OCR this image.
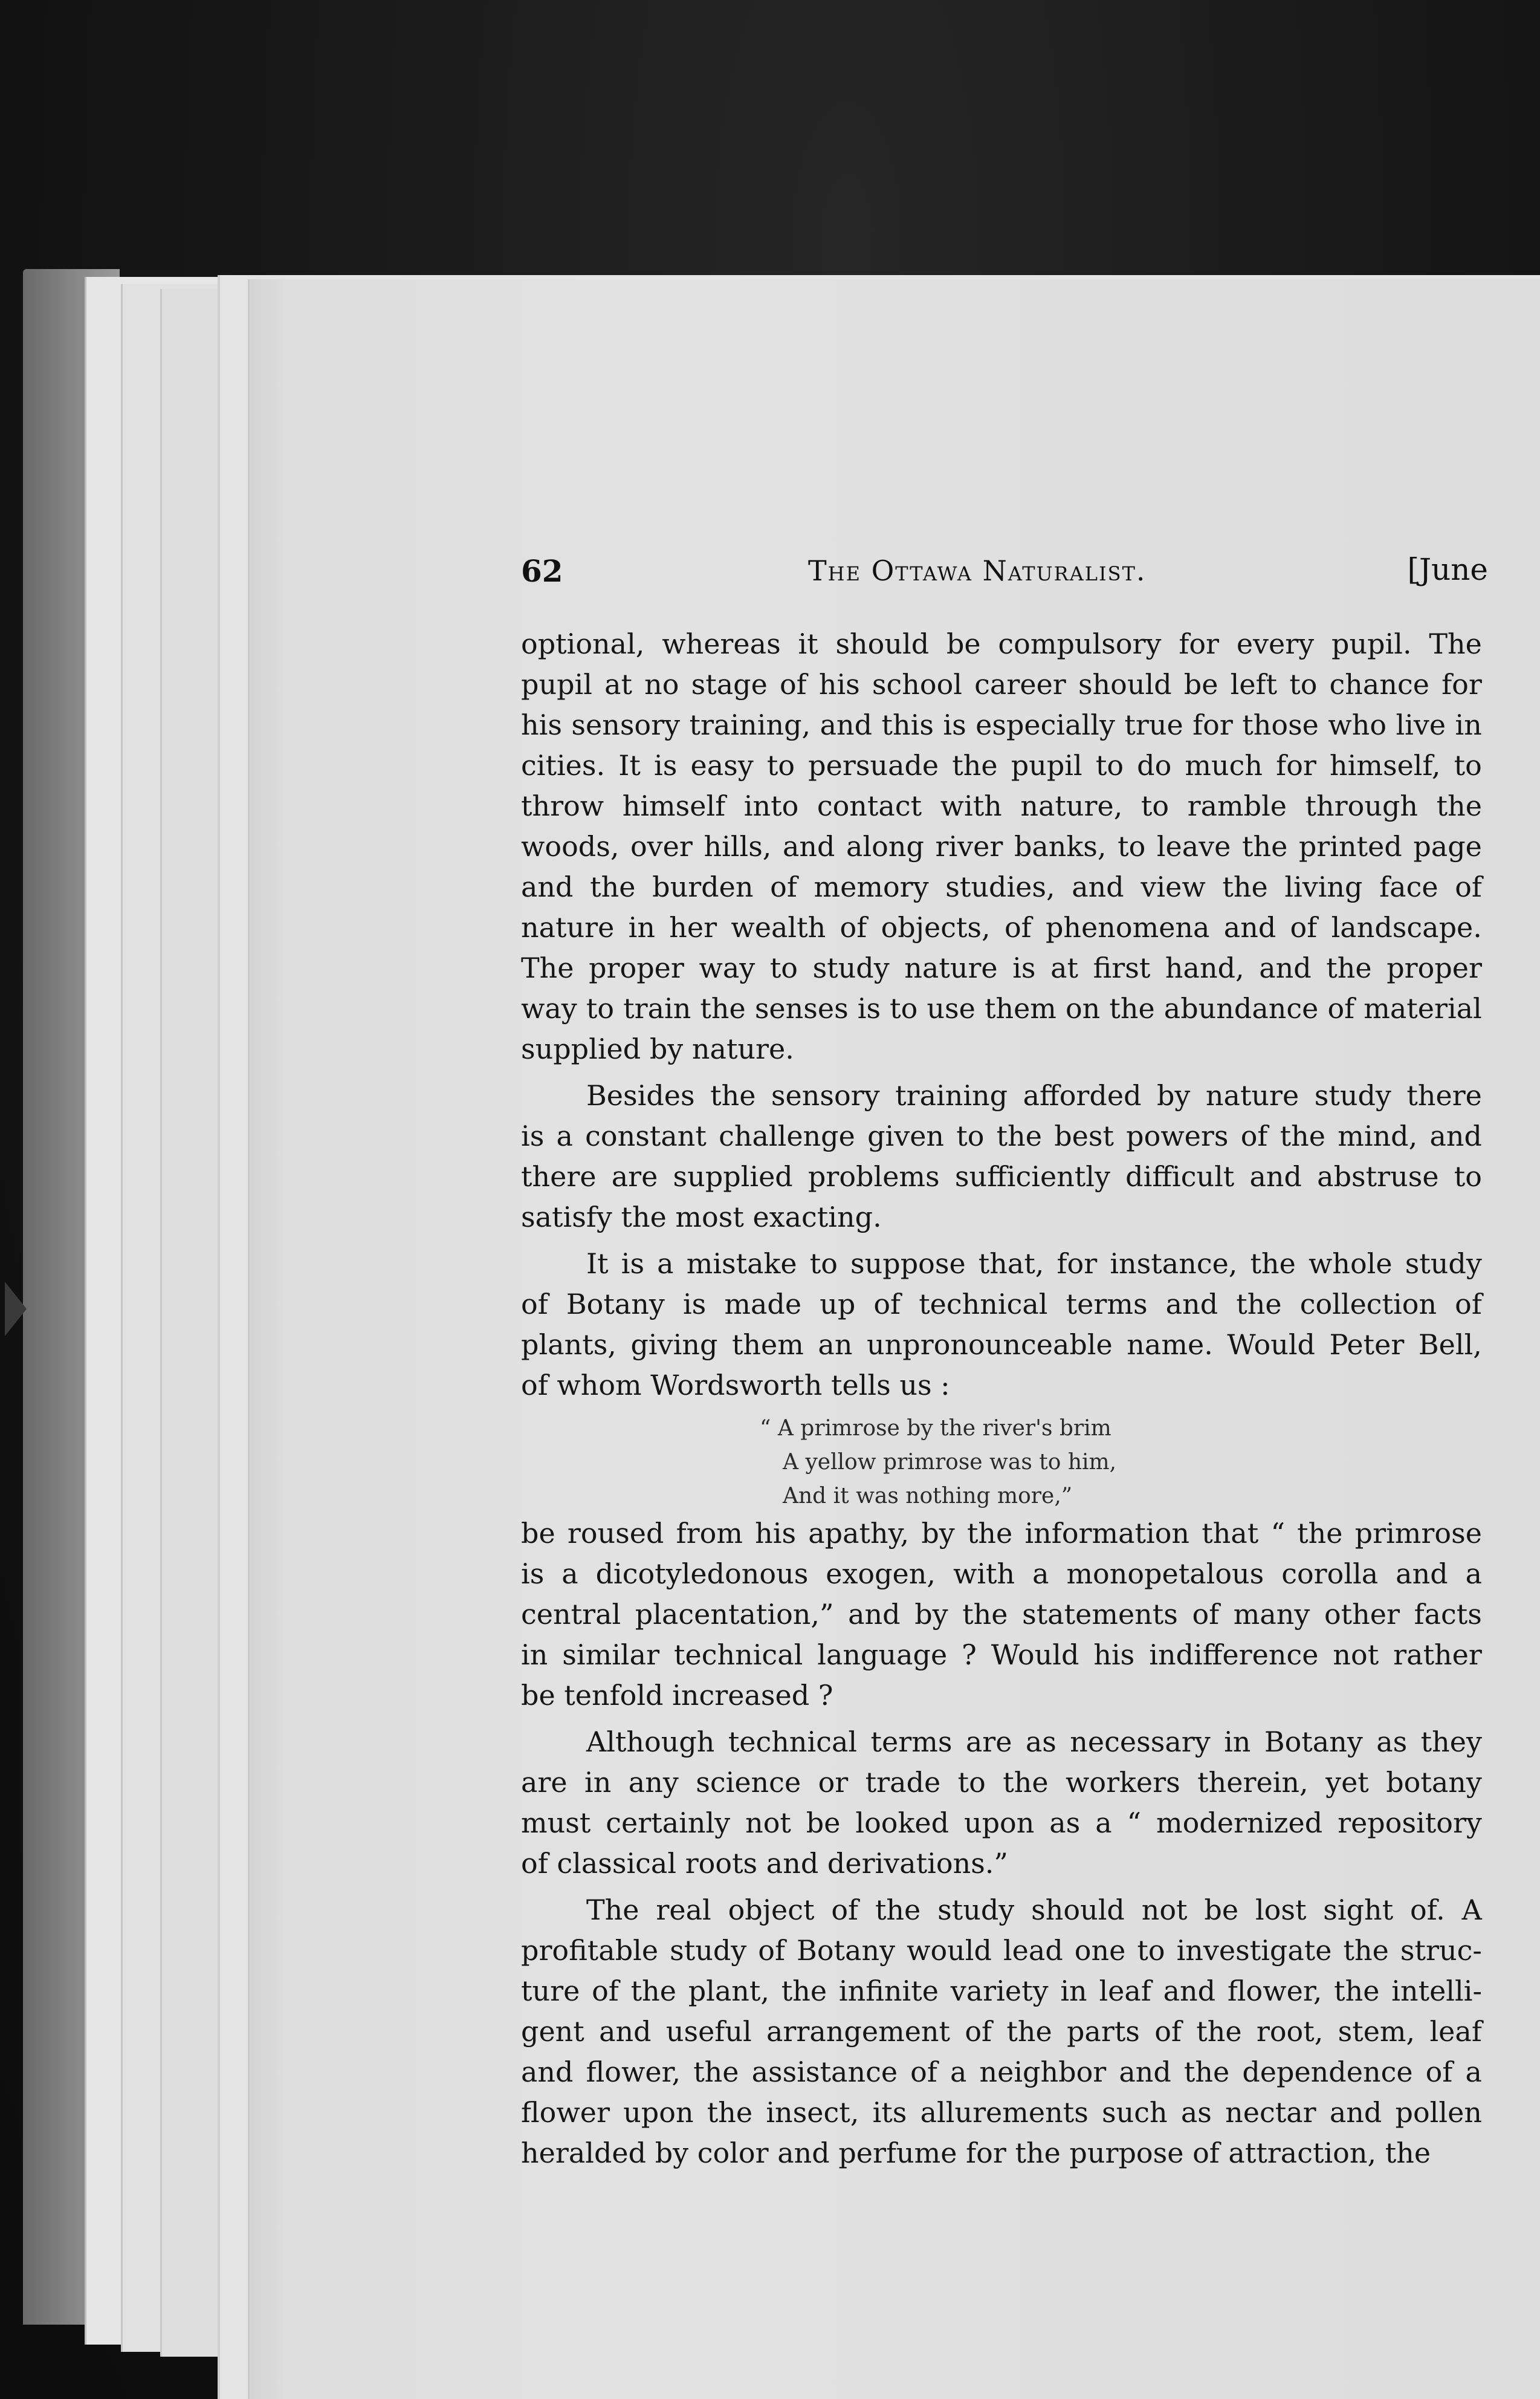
62	The Ottawa Naturalist.	[June
optional, whereas it should be compulsory for every pupil. The
pupil at no stage of his school career should be left to chance for
his sensory training, and this is especially true for those who live in
cities. It is easy to persuade the pupil to do much for himself, to
throw himself into contact with nature, to ramble through the
woods, over hills, and along river banks, to leave the printed page
and the burden of memory studies, and view the living face of
nature in her wealth of objects, of phenomena and of landscape.
The proper way to study nature is at first hand, and the proper
way to train the senses is to use them on the abundance of material
supplied by nature.
Besides the sensory training afforded by nature study there
is a constant challenge given to the best powers of the mind, and
there are supplied problems sufficiently difficult and abstruse to
satisfy the most exacting.
It is a mistake to suppose that, for instance, the whole study
of Botany is made up of technical terms and the collection of
plants, giving them an unpronounceable name. Would Peter Bell,
of whom Wordsworth tells us :
“ A primrose by the river's brim
A yellow primrose was to him,
And it was nothing more,”
be roused from his apathy, by the information that “ the primrose
is a dicotyledonous exogen, with a monopetalous corolla and a
central placentation,” and by the statements of many other facts
in similar technical language ? Would his indifference not rather
be tenfold increased ?
Although technical terms are as necessary in Botany as they
are in any science or trade to the workers therein, yet botany
must certainly not be looked upon as a “ modernized repository
of classical roots and derivations.”
The real object of the study should not be lost sight of. A
profitable study of Botany would lead one to investigate the struc-
ture of the plant, the infinite variety in leaf and flower, the intelli-
gent and useful arrangement of the parts of the root, stem, leaf
and flower, the assistance of a neighbor and the dependence of a
flower upon the insect, its allurements such as nectar and pollen
heralded by color and perfume for the purpose of attraction, the
